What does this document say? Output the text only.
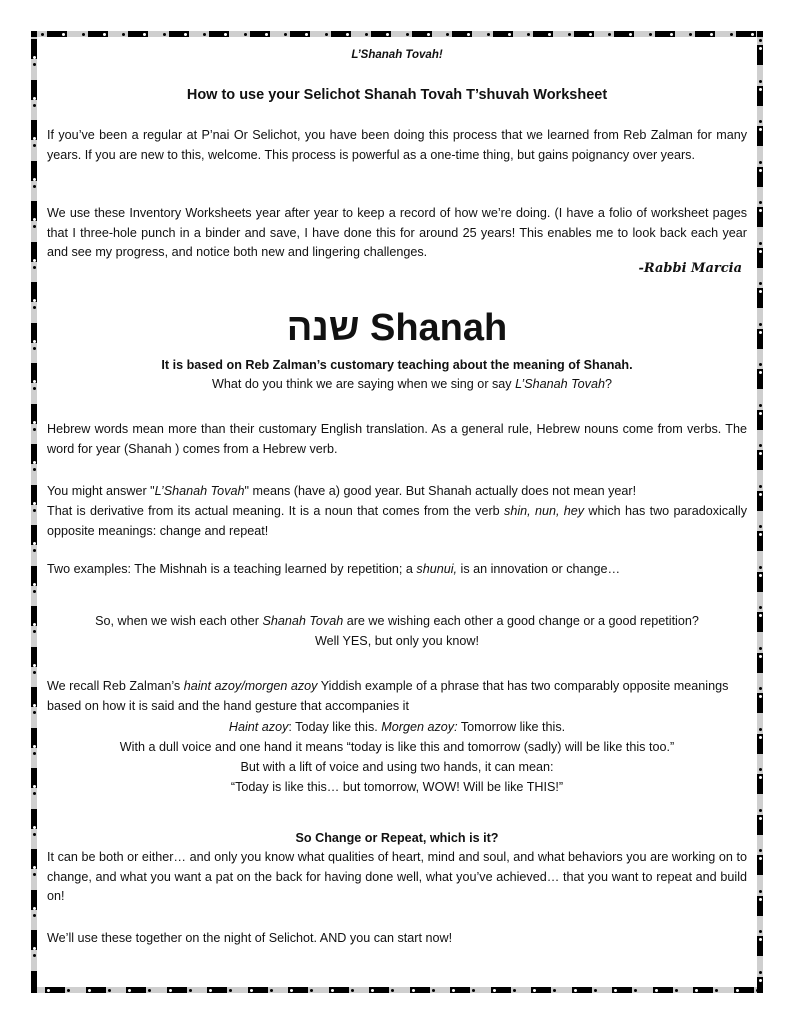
L’Shanah Tovah!

How to use your Selichot Shanah Tovah T’shuvah Worksheet

If you’ve been a regular at P’nai Or Selichot, you have been doing this process that we learned from Reb Zalman for many years. If you are new to this, welcome. This process is powerful as a one-time thing, but gains poignancy over years.

We use these Inventory Worksheets year after year to keep a record of how we’re doing. (I have a folio of worksheet pages that I three-hole punch in a binder and save, I have done this for around 25 years! This enables me to look back each year and see my progress, and notice both new and lingering challenges.

-Rabbi Marcia

שנה Shanah

It is based on Reb Zalman’s customary teaching about the meaning of Shanah.

What do you think we are saying when we sing or say L’Shanah Tovah?

Hebrew words mean more than their customary English translation. As a general rule, Hebrew nouns come from verbs. The word for year (Shanah ) comes from a Hebrew verb.

You might answer "L’Shanah Tovah" means (have a) good year. But Shanah actually does not mean year!

That is derivative from its actual meaning. It is a noun that comes from the verb shin, nun, hey which has two paradoxically opposite meanings: change and repeat!

Two examples: The Mishnah is a teaching learned by repetition; a shunui, is an innovation or change…

So, when we wish each other Shanah Tovah are we wishing each other a good change or a good repetition?

Well YES, but only you know!

We recall Reb Zalman’s haint azoy/morgen azoy Yiddish example of a phrase that has two comparably opposite meanings based on how it is said and the hand gesture that accompanies it

Haint azoy: Today like this. Morgen azoy: Tomorrow like this.

With a dull voice and one hand it means “today is like this and tomorrow (sadly) will be like this too.”

But with a lift of voice and using two hands, it can mean:

“Today is like this… but tomorrow, WOW! Will be like THIS!”

So Change or Repeat, which is it?

It can be both or either… and only you know what qualities of heart, mind and soul, and what behaviors you are working on to change, and what you want a pat on the back for having done well, what you’ve achieved… that you want to repeat and build on!

We’ll use these together on the night of Selichot. AND you can start now!
